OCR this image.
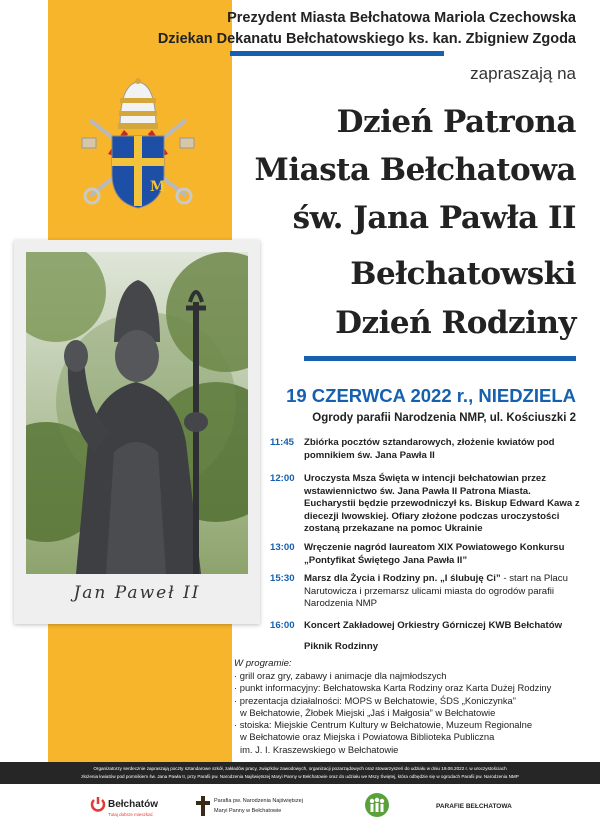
M
Jan Paweł II
Prezydent Miasta Bełchatowa Mariola Czechowska
Dziekan Dekanatu Bełchatowskiego ks. kan. Zbigniew Zgoda
zapraszają na
Dzień Patrona
Miasta Bełchatowa
św. Jana Pawła II
Bełchatowski
Dzień Rodziny
19 CZERWCA 2022 r., NIEDZIELA
Ogrody parafii Narodzenia NMP, ul. Kościuszki 2
11:45 Zbiórka pocztów sztandarowych, złożenie kwiatów pod pomnikiem św. Jana Pawła II
12:00 Uroczysta Msza Święta w intencji bełchatowian przez wstawiennictwo św. Jana Pawła II Patrona Miasta. Eucharystii będzie przewodniczył ks. Biskup Edward Kawa z diecezji lwowskiej. Ofiary złożone podczas uroczystości zostaną przekazane na pomoc Ukrainie
13:00 Wręczenie nagród laureatom XIX Powiatowego Konkursu „Pontyfikat Świętego Jana Pawła II”
15:30 Marsz dla Życia i Rodziny pn. „I ślubuję Ci” - start na Placu Narutowicza i przemarsz ulicami miasta do ogrodów parafii Narodzenia NMP
16:00 Koncert Zakładowej Orkiestry Górniczej KWB Bełchatów
Piknik Rodzinny
W programie:
· grill oraz gry, zabawy i animacje dla najmłodszych
· punkt informacyjny: Bełchatowska Karta Rodziny oraz Karta Dużej Rodziny
· prezentacja działalności: MOPS w Bełchatowie, ŚDS „Koniczynka”
w Bełchatowie, Żłobek Miejski „Jaś i Małgosia” w Bełchatowie
· stoiska: Miejskie Centrum Kultury w Bełchatowie, Muzeum Regionalne
w Bełchatowie oraz Miejska i Powiatowa Biblioteka Publiczna
im. J. I. Kraszewskiego w Bełchatowie
Organizatorzy serdecznie zapraszają poczty sztandarowe szkół, zakładów pracy, związków zawodowych, organizacji pozarządowych oraz stowarzyszeń do udziału w dniu 19.06.2022 r. w uroczystościach
złożenia kwiatów pod pomnikiem św. Jana Pawła II, przy Parafii pw. Narodzenia Najświętszej Maryi Panny w Bełchatowie oraz do udziału we Mszy Świętej, która odbędzie się w ogrodach Parafii pw. Narodzenia NMP
Bełchatów
Tutaj dobrze mieszkać
Parafia pw. Narodzenia Najświętszej
Maryi Panny w Bełchatowie
PARAFIE BEŁCHATOWA
